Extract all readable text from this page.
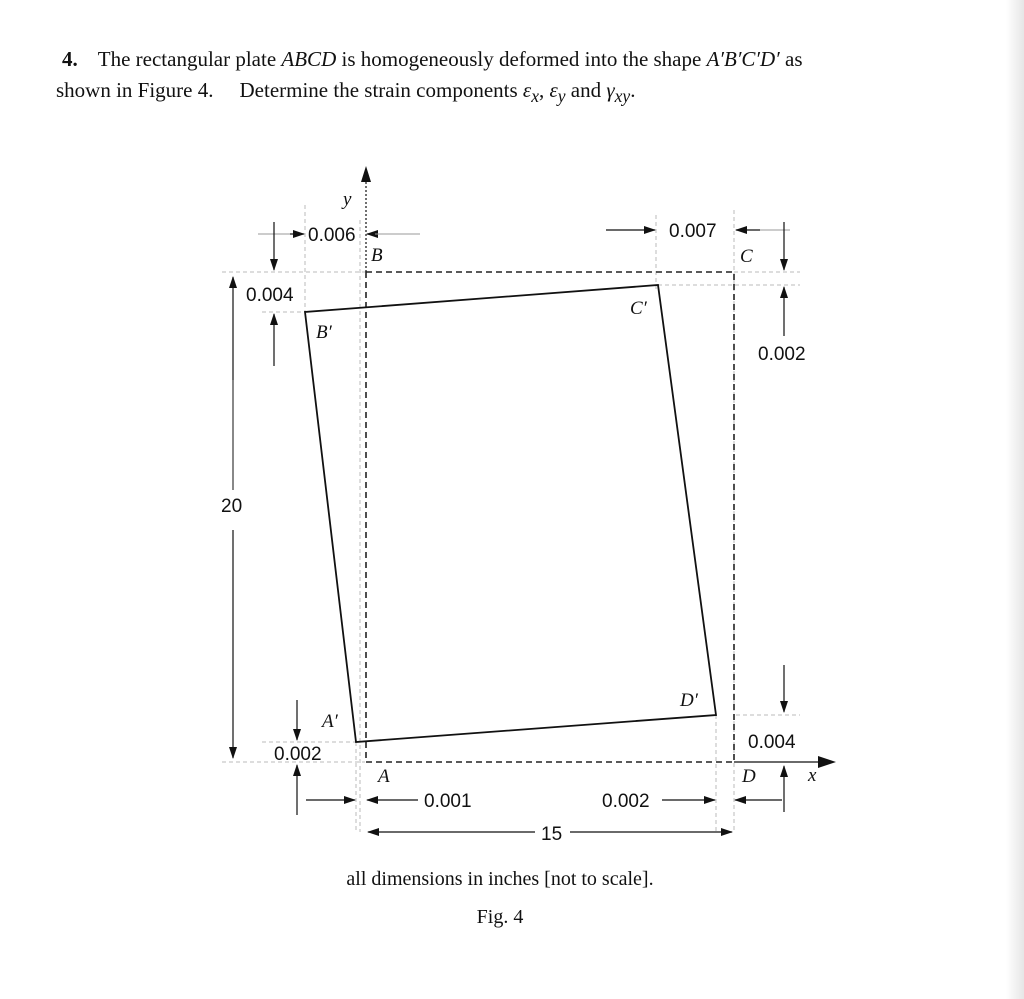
4. The rectangular plate ABCD is homogeneously deformed into the shape A′B′C′D′ as
shown in Figure 4. Determine the strain components $\varepsilon_x$, $\varepsilon_y$ and $\gamma_{xy}$.
y
x
B	C
A	D
B′
C′
A′
D′
0.006	0.007
0.004
0.002
20
0.002
0.004
0.001	0.002
15
all dimensions in inches [not to scale].
Fig. 4
